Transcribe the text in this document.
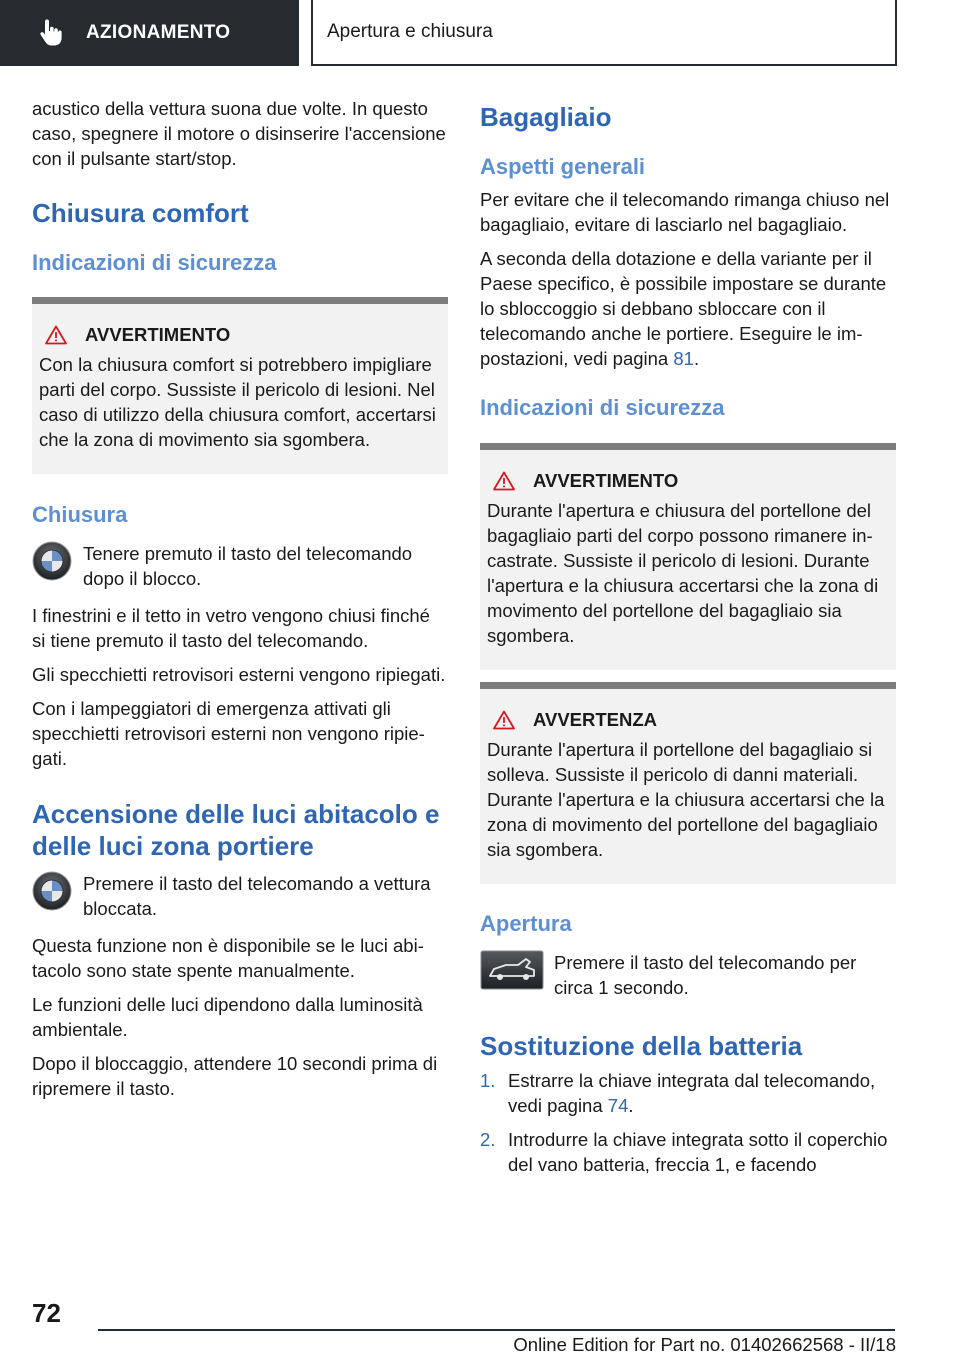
AZIONAMENTO	Apertura e chiusura

acustico della vettura suona due volte. In questo caso, spegnere il motore o disinserire l'accensione con il pulsante start/stop.

Chiusura comfort
Indicazioni di sicurezza
AVVERTIMENTO

Con la chiusura comfort si potrebbero impigliare parti del corpo. Sussiste il pericolo di lesioni. Nel caso di utilizzo della chiusura comfort, accertarsi che la zona di movimento sia sgombera.

Chiusura

Tenere premuto il tasto del telecomando dopo il blocco.

I finestrini e il tetto in vetro vengono chiusi finché si tiene premuto il tasto del telecomando.

Gli specchietti retrovisori esterni vengono ripiegati.

Con i lampeggiatori di emergenza attivati gli specchietti retrovisori esterni non vengono ripiegati.

Accensione delle luci abitacolo e delle luci zona portiere

Premere il tasto del telecomando a vettura bloccata.

Questa funzione non è disponibile se le luci abitacolo sono state spente manualmente.

Le funzioni delle luci dipendono dalla luminosità ambientale.

Dopo il bloccaggio, attendere 10 secondi prima di ripremere il tasto.

Bagagliaio
Aspetti generali

Per evitare che il telecomando rimanga chiuso nel bagagliaio, evitare di lasciarlo nel bagagliaio.

A seconda della dotazione e della variante per il Paese specifico, è possibile impostare se durante lo sbloccoggio si debbano sbloccare con il telecomando anche le portiere. Eseguire le impostazioni, vedi pagina 81.

Indicazioni di sicurezza
AVVERTIMENTO

Durante l'apertura e chiusura del portellone del bagagliaio parti del corpo possono rimanere incastrate. Sussiste il pericolo di lesioni. Durante l'apertura e la chiusura accertarsi che la zona di movimento del portellone del bagagliaio sia sgombera.

AVVERTENZA

Durante l'apertura il portellone del bagagliaio si solleva. Sussiste il pericolo di danni materiali. Durante l'apertura e la chiusura accertarsi che la zona di movimento del portellone del bagagliaio sia sgombera.

Apertura

Premere il tasto del telecomando per circa 1 secondo.

Sostituzione della batteria
1. Estrarre la chiave integrata dal telecomando, vedi pagina 74.
2. Introdurre la chiave integrata sotto il coperchio del vano batteria, freccia 1, e facendo
72
Online Edition for Part no. 01402662568 - II/18
